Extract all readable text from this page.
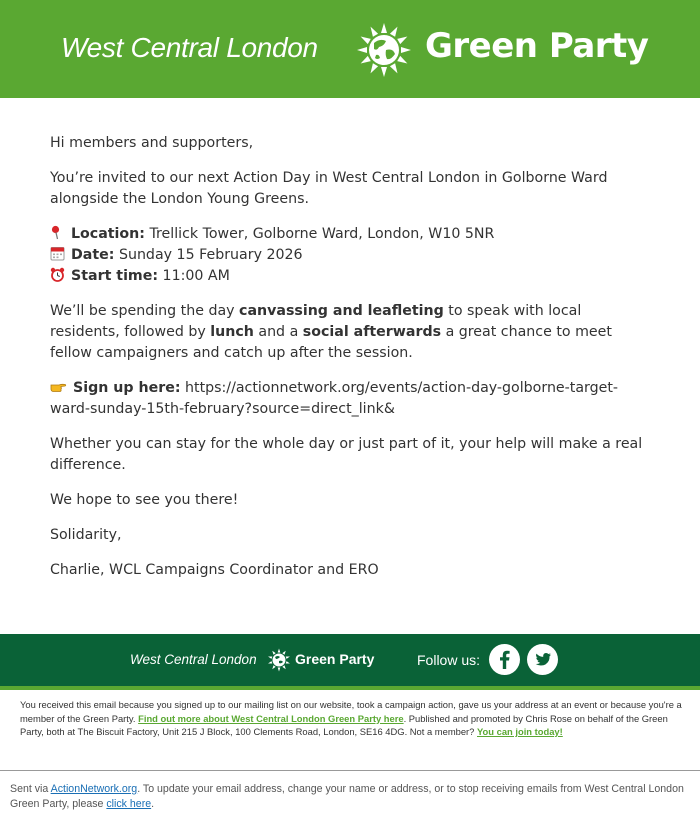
West Central London	Green Party

Hi members and supporters,

You’re invited to our next Action Day in West Central London in Golborne Ward alongside the London Young Greens.

Location: Trellick Tower, Golborne Ward, London, W10 5NR
Date: Sunday 15 February 2026
Start time: 11:00 AM

We’ll be spending the day canvassing and leafleting to speak with local residents, followed by lunch and a social afterwards a great chance to meet fellow campaigners and catch up after the session.

Sign up here: https://actionnetwork.org/events/action-day-golborne-target-ward-sunday-15th-february?source=direct_link&

Whether you can stay for the whole day or just part of it, your help will make a real difference.

We hope to see you there!

Solidarity,

Charlie, WCL Campaigns Coordinator and ERO

West Central London	Green Party	Follow us:
You received this email because you signed up to our mailing list on our website, took a campaign action, gave us your address at an event or because you're a member of the Green Party. Find out more about West Central London Green Party here. Published and promoted by Chris Rose on behalf of the Green Party, both at The Biscuit Factory, Unit 215 J Block, 100 Clements Road, London, SE16 4DG. Not a member? You can join today!
Sent via ActionNetwork.org. To update your email address, change your name or address, or to stop receiving emails from West Central London Green Party, please click here.
